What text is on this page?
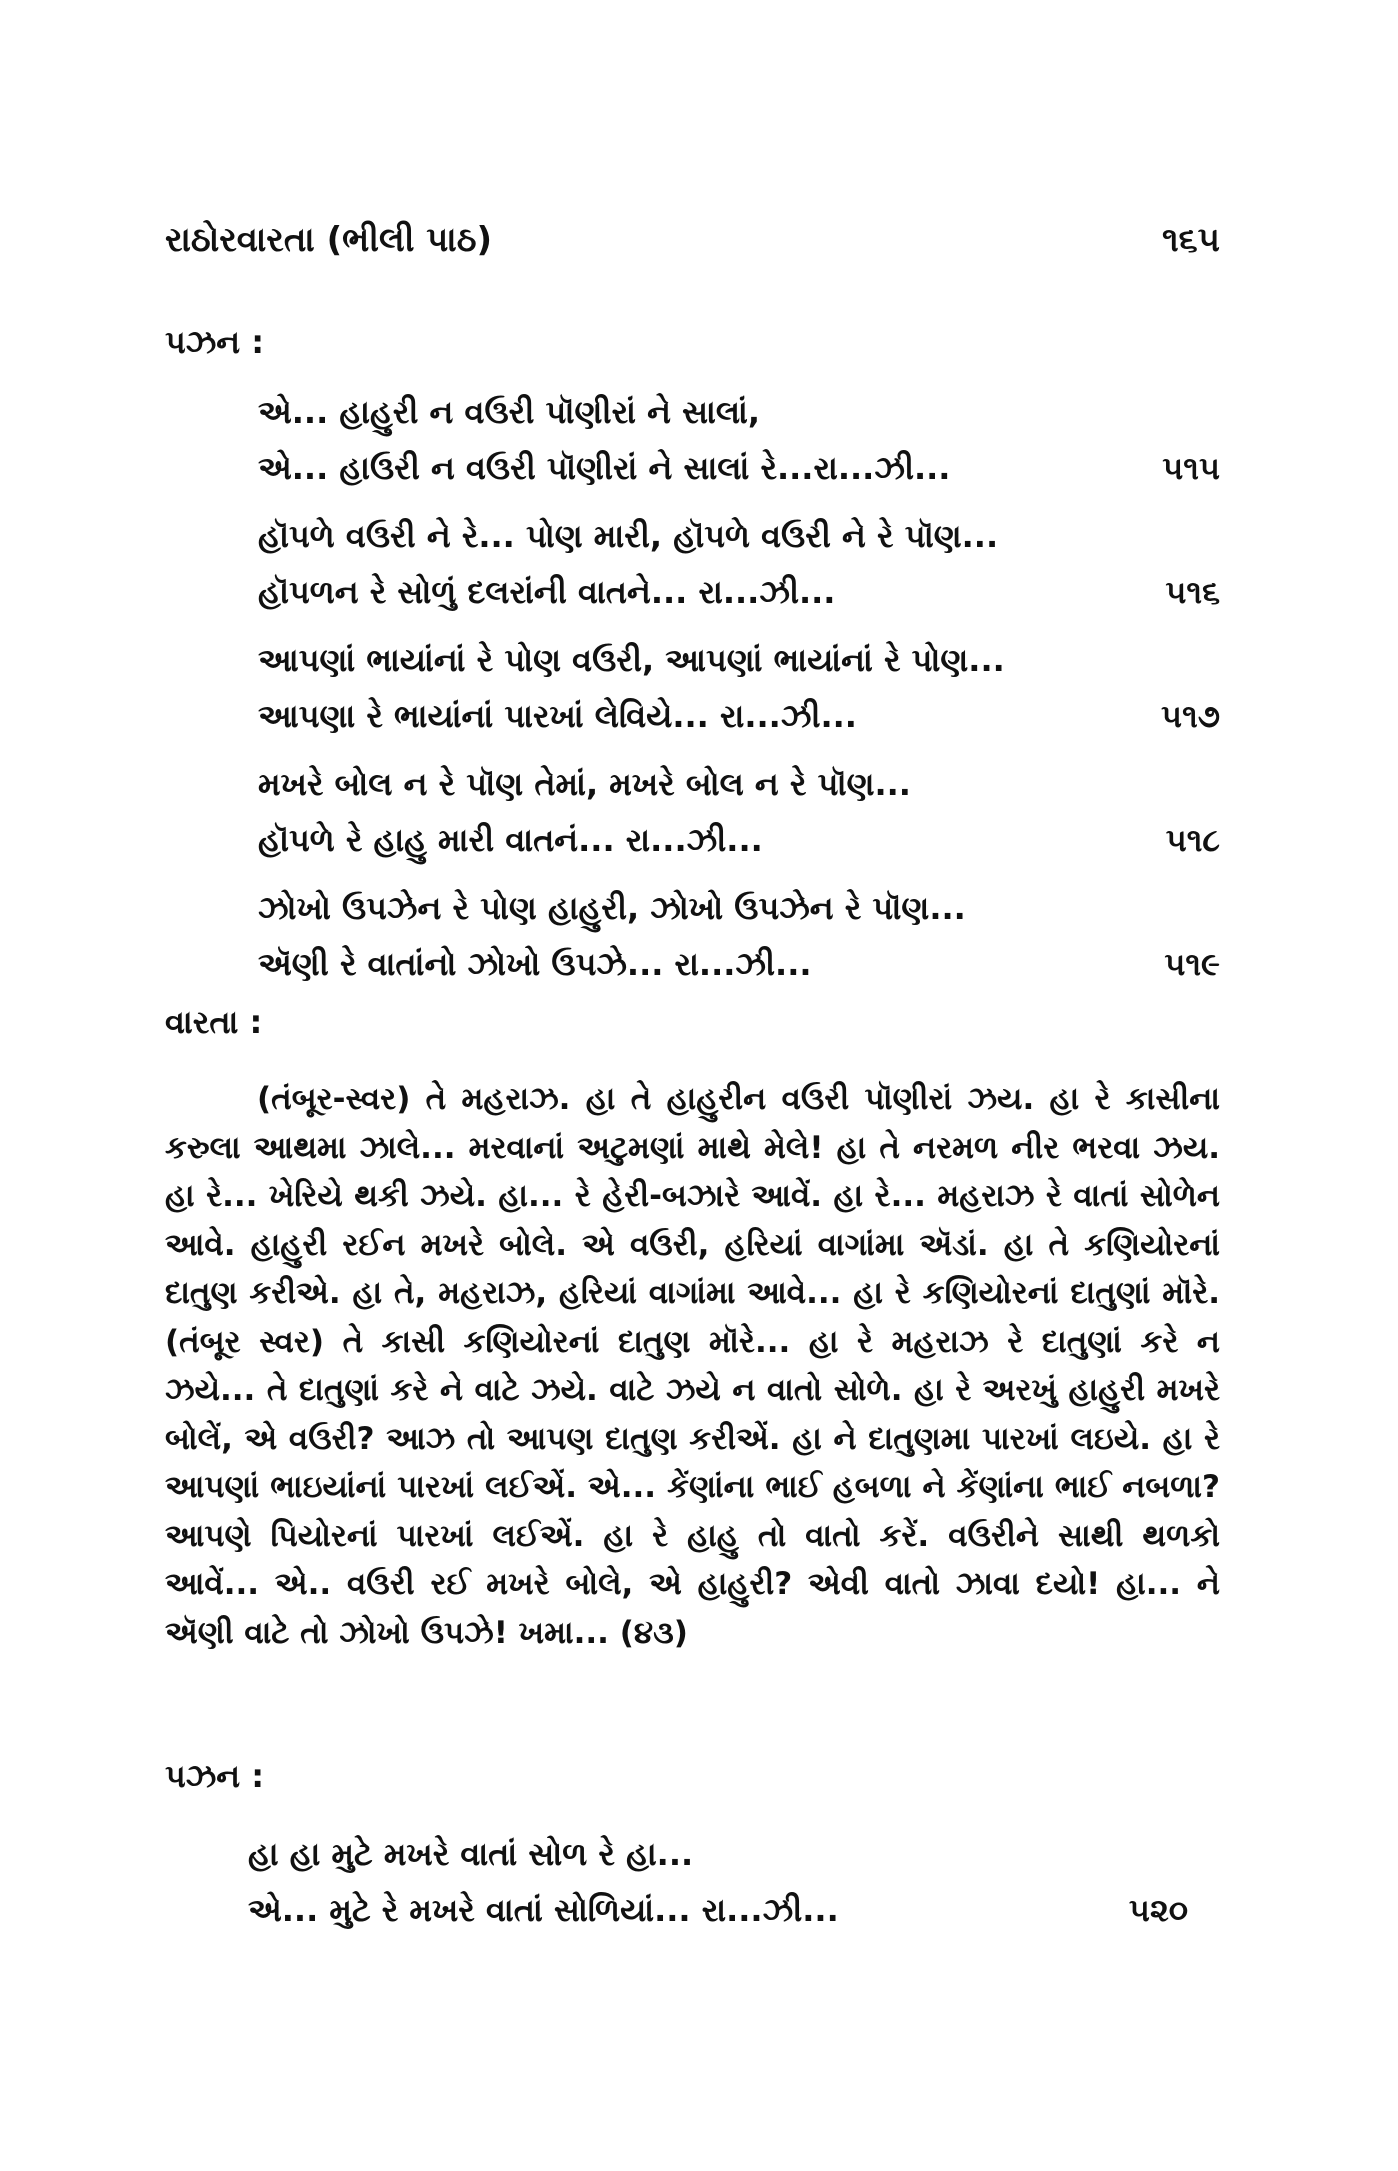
રાઠોરવારતા (ભીલી પાઠ)	૧૬૫
પઝન :
એ... હાહુરી ન વઉરી પૉણીરાં ને સાલાં,
એ... હાઉરી ન વઉરી પૉણીરાં ને સાલાં રે...રા...ઝી...	૫૧૫
હૉપળે વઉરી ને રે... પોણ મારી, હૉપળે વઉરી ને રે પૉણ...
હૉપળન રે સોળું દલરાંની વાતને... રા...ઝી...	૫૧૬
આપણાં ભાયાંનાં રે પોણ વઉરી, આપણાં ભાયાંનાં રે પોણ...
આપણા રે ભાયાંનાં પારખાં લેવિયે... રા...ઝી...	૫૧૭
મખરે બોલ ન રે પૉણ તેમાં, મખરે બોલ ન રે પૉણ...
હૉપળે રે હાહુ મારી વાતનં... રા...ઝી...	૫૧૮
ઝોખો ઉપઝેન રે પોણ હાહુરી, ઝોખો ઉપઝેન રે પૉણ...
ઍણી રે વાતાંનો ઝોખો ઉપઝે... રા...ઝી...	૫૧૯
વારતા :

(તંબૂર-સ્વર) તે મહરાઝ. હા તે હાહુરીન વઉરી પૉણીરાં ઝય. હા રે કાસીના કરુલા આથમા ઝાલે... મરવાનાં અટુમણાં માથે મેલે! હા તે નરમળ નીર ભરવા ઝય. હા રે... ખેરિયે થકી ઝયે. હા... રે હેરી-બઝારે આવેં. હા રે... મહરાઝ રે વાતાં સોળેન આવે. હાહુરી રઈન મખરે બોલે. એ વઉરી, હરિયાં વાગાંમા ઍડાં. હા તે કણિયોરનાં દાતુણ કરીએ. હા તે, મહરાઝ, હરિયાં વાગાંમા આવે... હા રે કણિયોરનાં દાતુણાં મૉરે. (તંબૂર સ્વર) તે કાસી કણિયોરનાં દાતુણ મૉરે... હા રે મહરાઝ રે દાતુણાં કરે ન ઝયે... તે દાતુણાં કરે ને વાટે ઝયે. વાટે ઝયે ન વાતો સોળે. હા રે અરખું હાહુરી મખરે બોલેં, એ વઉરી? આઝ તો આપણ દાતુણ કરીએં. હા ને દાતુણમા પારખાં લઇયે. હા રે આપણાં ભાઇયાંનાં પારખાં લઈએં. એ... કેંણાંના ભાઈ હબળા ને કેંણાંના ભાઈ નબળા? આપણે પિયોરનાં પારખાં લઈએં. હા રે હાહુ તો વાતો કરેં. વઉરીને સાથી થળકો આવેં... એ.. વઉરી રઈ મખરે બોલે, એ હાહુરી? એવી વાતો ઝાવા દયો! હા... ને ઍણી વાટે તો ઝોખો ઉપઝે! ખમા... (૪૩)

પઝન :
હા હા મુટે મખરે વાતાં સોળ રે હા...
એ... મુટે રે મખરે વાતાં સોળિયાં... રા...ઝી...	૫૨૦
